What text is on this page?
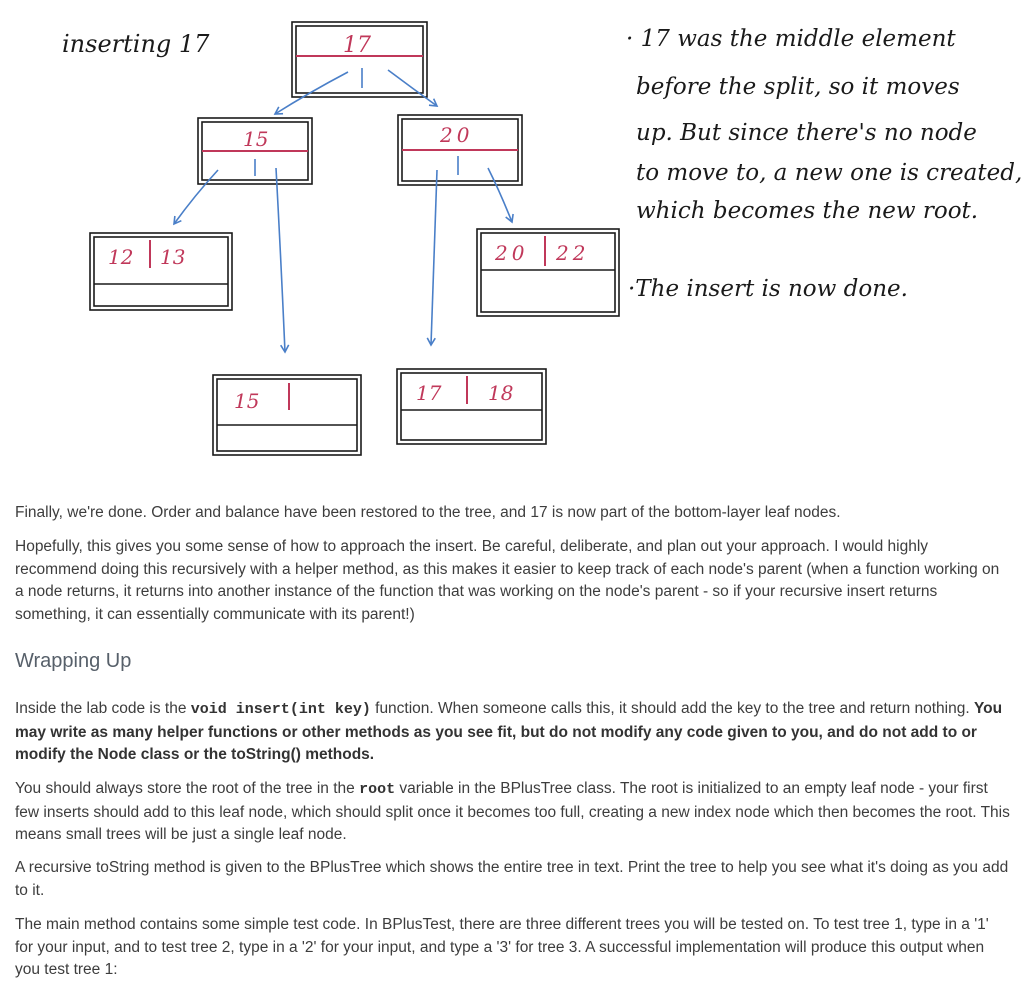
inserting 17	17
15	20
12 13
15	17 18
20 22
· 17 was the middle element
before the split, so it moves
up. But since there's no node
to move to, a new one is created,
which becomes the new root.
·The insert is now done.

Finally, we're done. Order and balance have been restored to the tree, and 17 is now part of the bottom-layer leaf nodes.

Hopefully, this gives you some sense of how to approach the insert. Be careful, deliberate, and plan out your approach. I would highly recommend doing this recursively with a helper method, as this makes it easier to keep track of each node's parent (when a function working on a node returns, it returns into another instance of the function that was working on the node's parent - so if your recursive insert returns something, it can essentially communicate with its parent!)

Wrapping Up

Inside the lab code is the void insert(int key) function. When someone calls this, it should add the key to the tree and return nothing. You may write as many helper functions or other methods as you see fit, but do not modify any code given to you, and do not add to or modify the Node class or the toString() methods.

You should always store the root of the tree in the root variable in the BPlusTree class. The root is initialized to an empty leaf node - your first few inserts should add to this leaf node, which should split once it becomes too full, creating a new index node which then becomes the root. This means small trees will be just a single leaf node.

A recursive toString method is given to the BPlusTree which shows the entire tree in text. Print the tree to help you see what it's doing as you add to it.

The main method contains some simple test code. In BPlusTest, there are three different trees you will be tested on. To test tree 1, type in a '1' for your input, and to test tree 2, type in a '2' for your input, and type a '3' for tree 3. A successful implementation will produce this output when you test tree 1:
